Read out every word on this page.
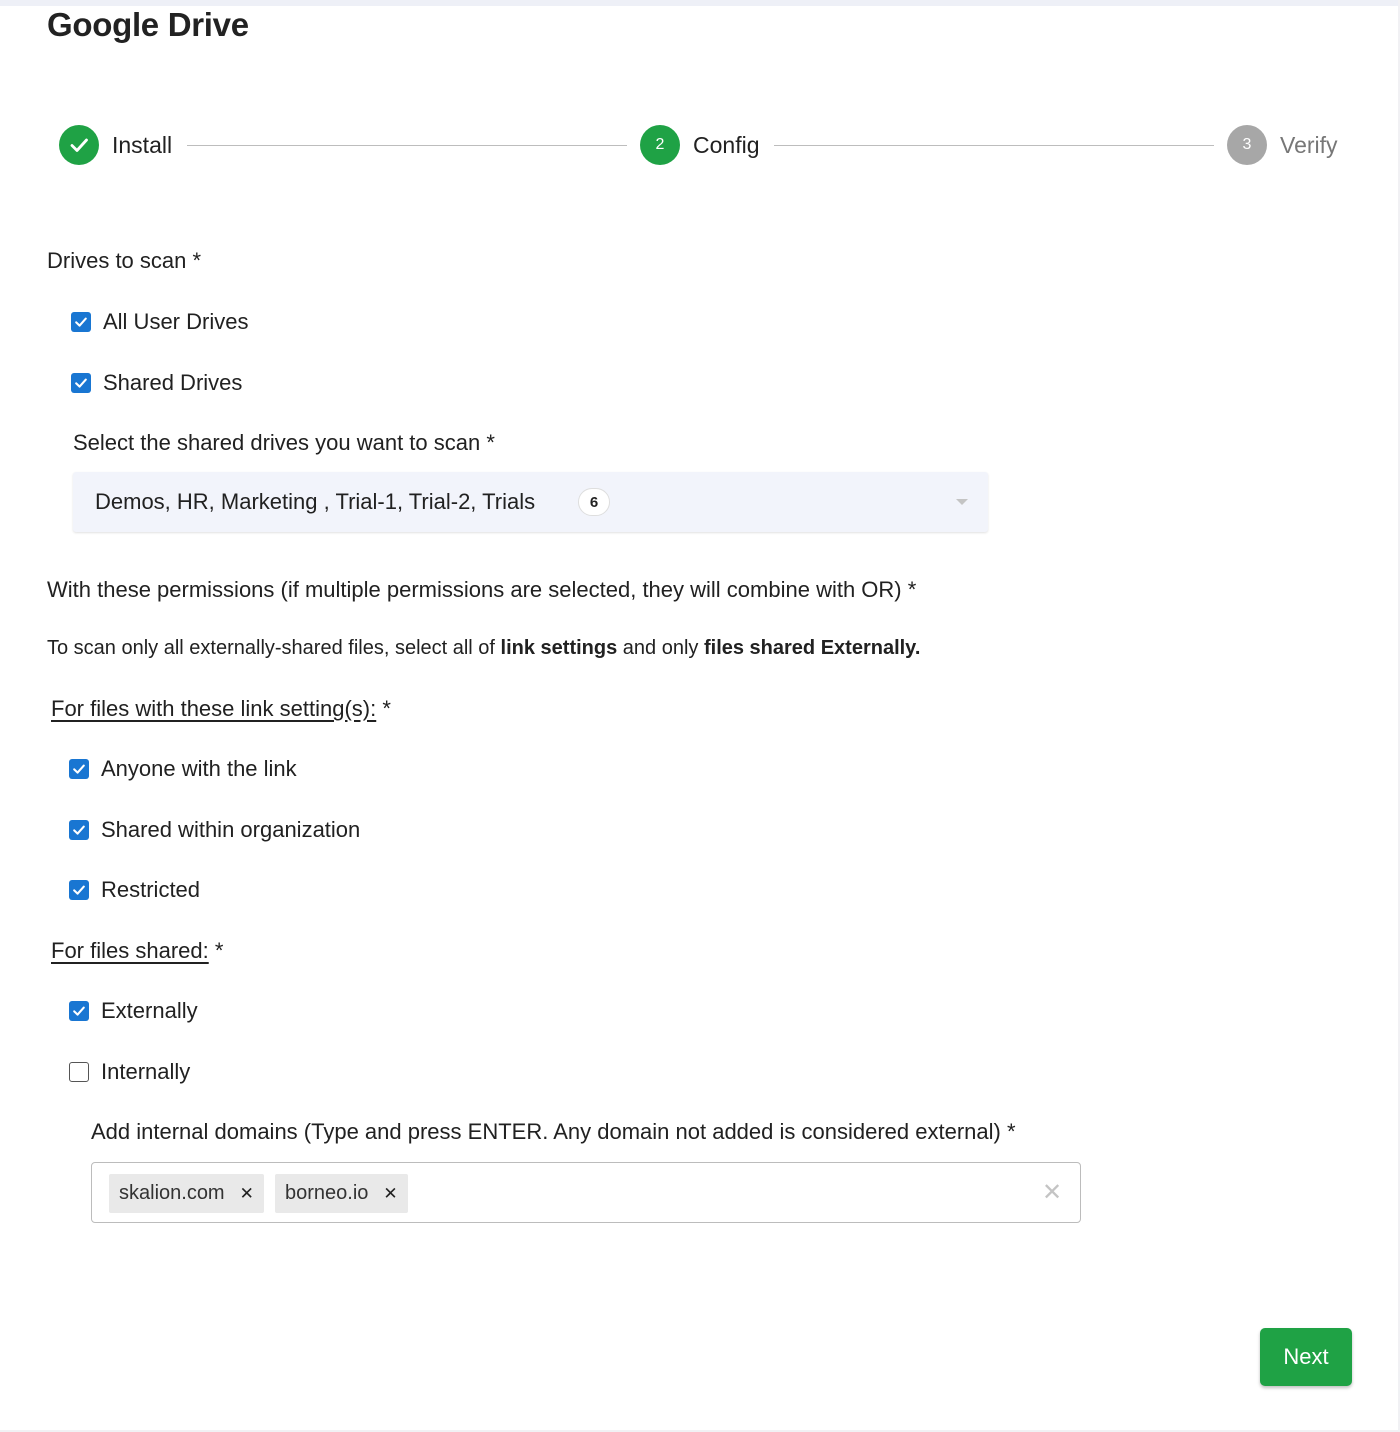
Google Drive
Install	2	Config	3	Verify
Drives to scan *
All User Drives
Shared Drives
Select the shared drives you want to scan *
Demos, HR, Marketing , Trial-1, Trial-2, Trials	6
With these permissions (if multiple permissions are selected, they will combine with OR) *
To scan only all externally-shared files, select all of link settings and only files shared Externally.
For files with these link setting(s): *
Anyone with the link
Shared within organization
Restricted
For files shared: *
Externally
Internally
Add internal domains (Type and press ENTER. Any domain not added is considered external) *
skalion.com ✕ borneo.io ✕	✕
Next
